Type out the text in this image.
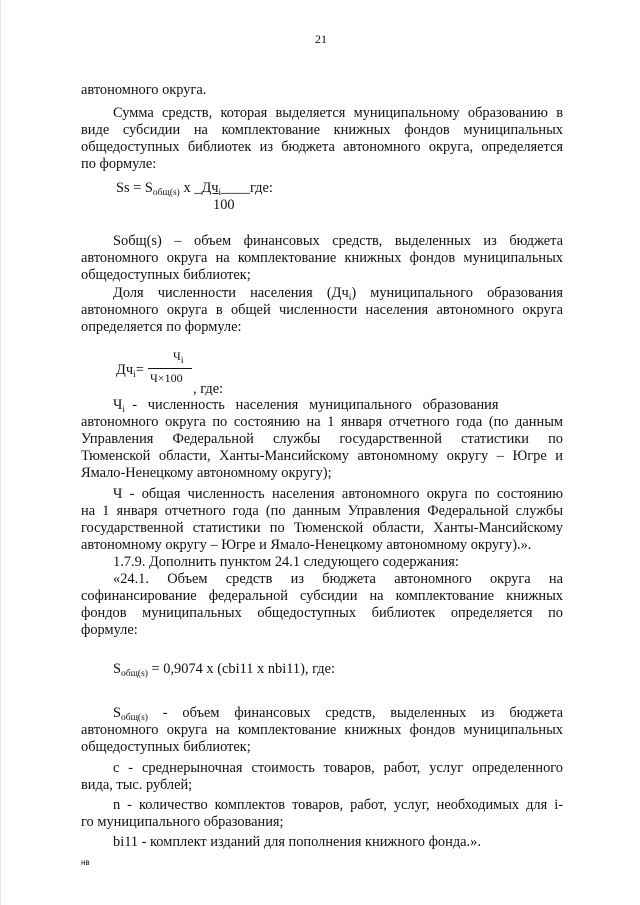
21
автономного округа.
Сумма средств, которая выделяется муниципальному образованию в
виде субсидии на комплектование книжных фондов муниципальных
общедоступных библиотек из бюджета автономного округа, определяется
по формуле:
$Ss = S_{общ(s)}$ x $\_Дч_i\_\_\_\_где$:
100
Sобщ(s) – объем финансовых средств, выделенных из бюджета
автономного округа на комплектование книжных фондов муниципальных
общедоступных библиотек;
Доля численности населения $(Дч_i)$ муниципального образования
автономного округа в общей численности населения автономного округа
определяется по формуле:
$Дч_i=$
$Ч_i$
Ч×100
, где:
$Ч_i$  -   численность   населения   муниципального   образования
автономного округа по состоянию на 1 января отчетного года (по данным
Управления Федеральной службы государственной статистики по
Тюменской области, Ханты-Мансийскому автономному округу – Югре и
Ямало-Ненецкому автономному округу);
Ч - общая численность населения автономного округа по состоянию
на 1 января отчетного года (по данным Управления Федеральной службы
государственной статистики по Тюменской области, Ханты-Мансийскому
автономному округу – Югре и Ямало-Ненецкому автономному округу).».
1.7.9. Дополнить пунктом 24.1 следующего содержания:
«24.1. Объем средств из бюджета автономного округа на
софинансирование федеральной субсидии на комплектование книжных
фондов муниципальных общедоступных библиотек определяется по
формуле:
$S_{общ(s)} = 0,9074$ x (cbi11 x nbi11), где:
$S_{общ(s)}$ - объем финансовых средств, выделенных из бюджета
автономного округа на комплектование книжных фондов муниципальных
общедоступных библиотек;
c - среднерыночная стоимость товаров, работ, услуг определенного
вида, тыс. рублей;
n - количество комплектов товаров, работ, услуг, необходимых для i-
го муниципального образования;
bi11 - комплект изданий для пополнения книжного фонда.».
нв
